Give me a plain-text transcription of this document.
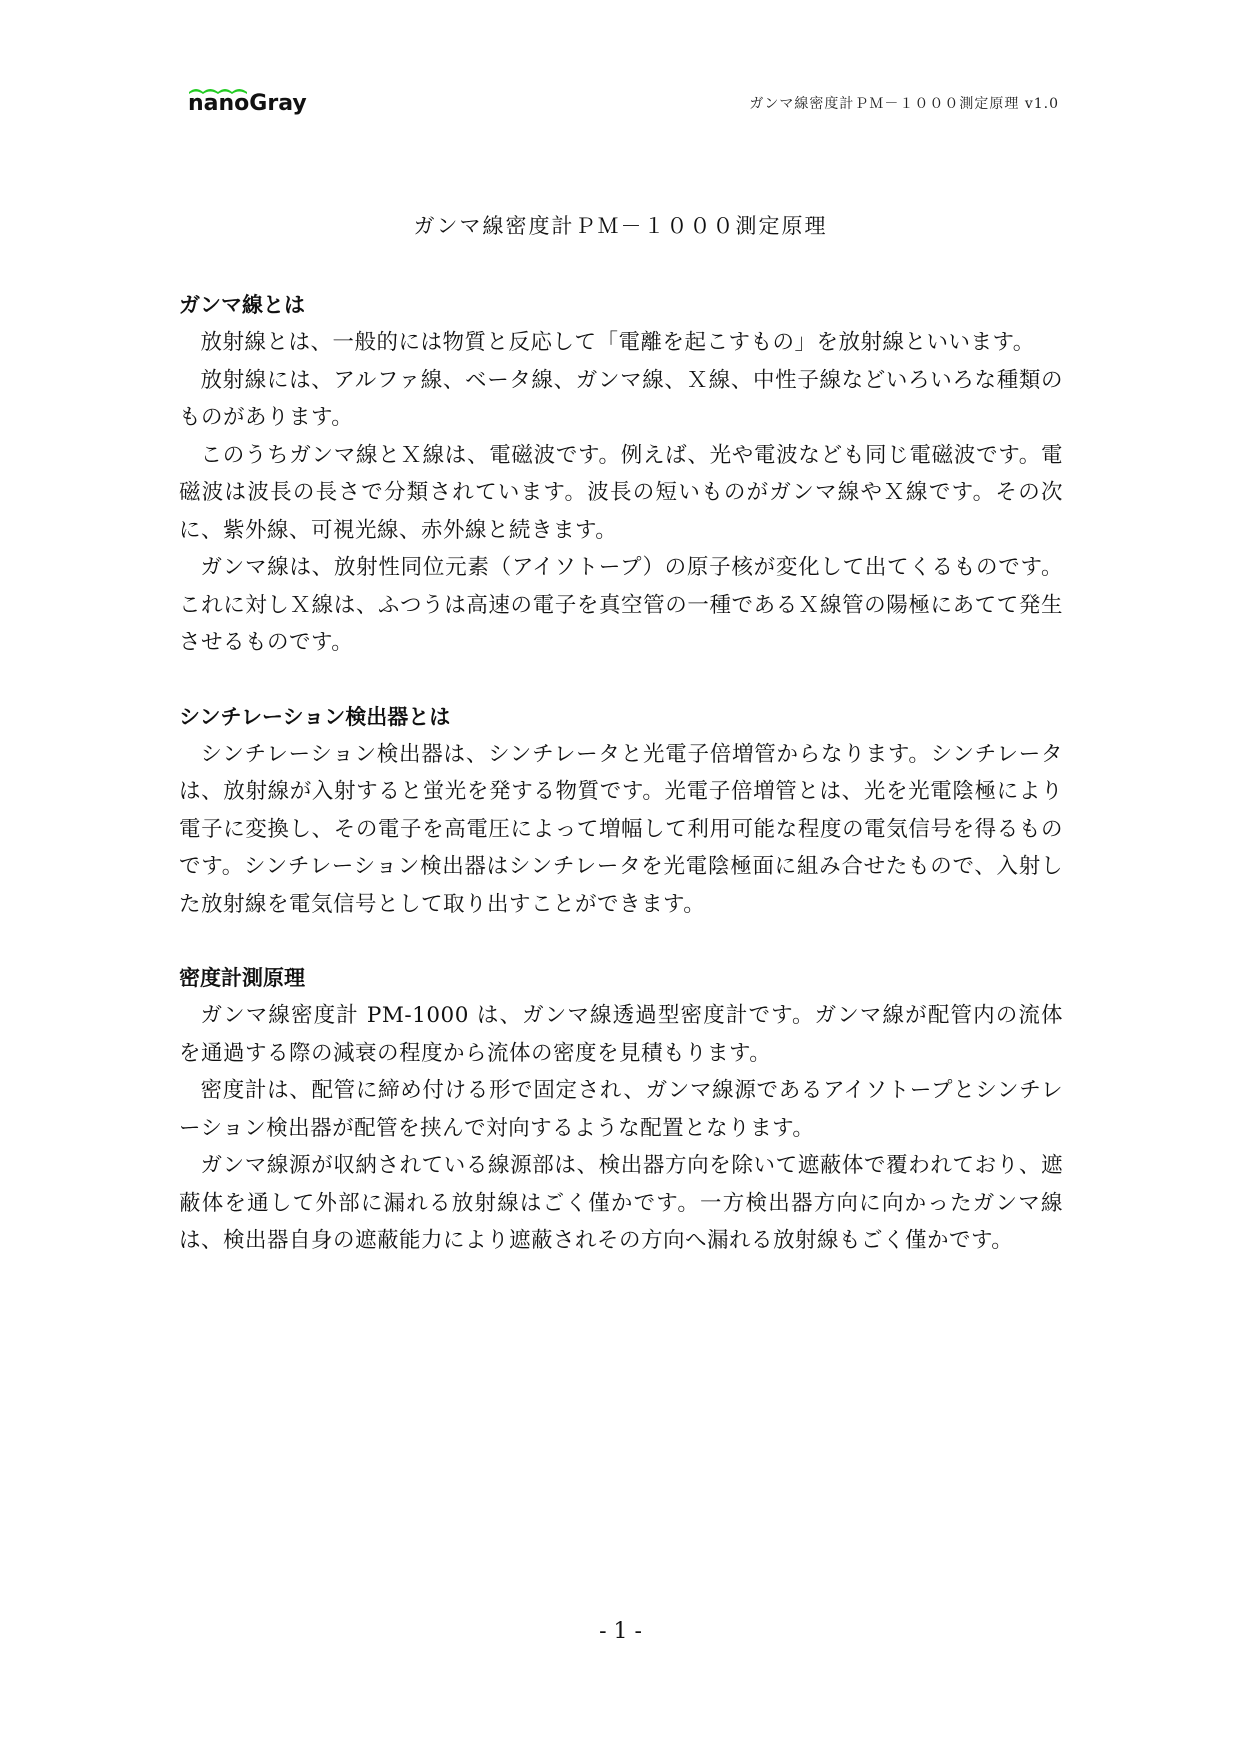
nanoGray	ガンマ線密度計ＰＭ－１０００測定原理 v1.0
ガンマ線密度計ＰＭ－１０００測定原理
ガンマ線とは

放射線とは、一般的には物質と反応して「電離を起こすもの」を放射線といいます。

放射線には、アルファ線、ベータ線、ガンマ線、Ｘ線、中性子線などいろいろな種類のものがあります。

このうちガンマ線とＸ線は、電磁波です。例えば、光や電波なども同じ電磁波です。電磁波は波長の長さで分類されています。波長の短いものがガンマ線やＸ線です。その次に、紫外線、可視光線、赤外線と続きます。

ガンマ線は、放射性同位元素（アイソトープ）の原子核が変化して出てくるものです。これに対しＸ線は、ふつうは高速の電子を真空管の一種であるＸ線管の陽極にあてて発生させるものです。

シンチレーション検出器とは

シンチレーション検出器は、シンチレータと光電子倍増管からなります。シンチレータは、放射線が入射すると蛍光を発する物質です。光電子倍増管とは、光を光電陰極により電子に変換し、その電子を高電圧によって増幅して利用可能な程度の電気信号を得るものです。シンチレーション検出器はシンチレータを光電陰極面に組み合せたもので、入射した放射線を電気信号として取り出すことができます。

密度計測原理

ガンマ線密度計 PM-1000 は、ガンマ線透過型密度計です。ガンマ線が配管内の流体を通過する際の減衰の程度から流体の密度を見積もります。

密度計は、配管に締め付ける形で固定され、ガンマ線源であるアイソトープとシンチレーション検出器が配管を挟んで対向するような配置となります。

ガンマ線源が収納されている線源部は、検出器方向を除いて遮蔽体で覆われており、遮蔽体を通して外部に漏れる放射線はごく僅かです。一方検出器方向に向かったガンマ線は、検出器自身の遮蔽能力により遮蔽されその方向へ漏れる放射線もごく僅かです。

- 1 -
